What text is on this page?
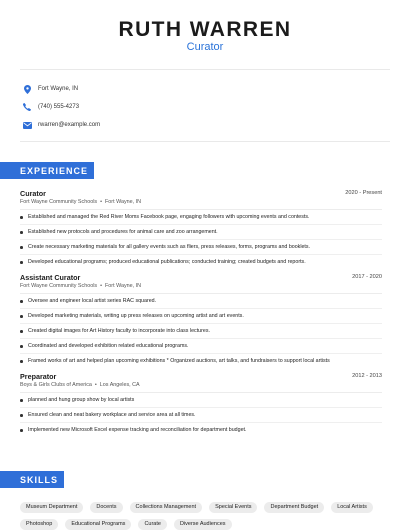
RUTH WARREN
Curator
Fort Wayne, IN
(740) 555-4273
rwarren@example.com
EXPERIENCE
Curator	2020 - Present
Fort Wayne Community Schools • Fort Wayne, IN
Established and managed the Red River Moms Facebook page, engaging followers with upcoming events and contests.
Established new protocols and procedures for animal care and zoo arrangement.
Create necessary marketing materials for all gallery events such as fliers, press releases, forms, programs and booklets.
Developed educational programs; produced educational publications; conducted training; created budgets and reports.
Assistant Curator	2017 - 2020
Fort Wayne Community Schools • Fort Wayne, IN
Oversee and engineer local artist series RAC squared.
Developed marketing materials, writing up press releases on upcoming artist and art events.
Created digital images for Art History faculty to incorporate into class lectures.
Coordinated and developed exhibition related educational programs.
Framed works of art and helped plan upcoming exhibitions * Organized auctions, art talks, and fundraisers to support local artists
Preparator	2012 - 2013
Boys & Girls Clubs of America • Los Angeles, CA
planned and hung group show by local artists
Ensured clean and neat bakery workplace and service area at all times.
Implemented new Microsoft Excel expense tracking and reconciliation for department budget.
SKILLS
Museum Department	Docents	Collections Management	Special Events	Department Budget	Local Artists
Photoshop	Educational Programs	Curate	Diverse Audiences
